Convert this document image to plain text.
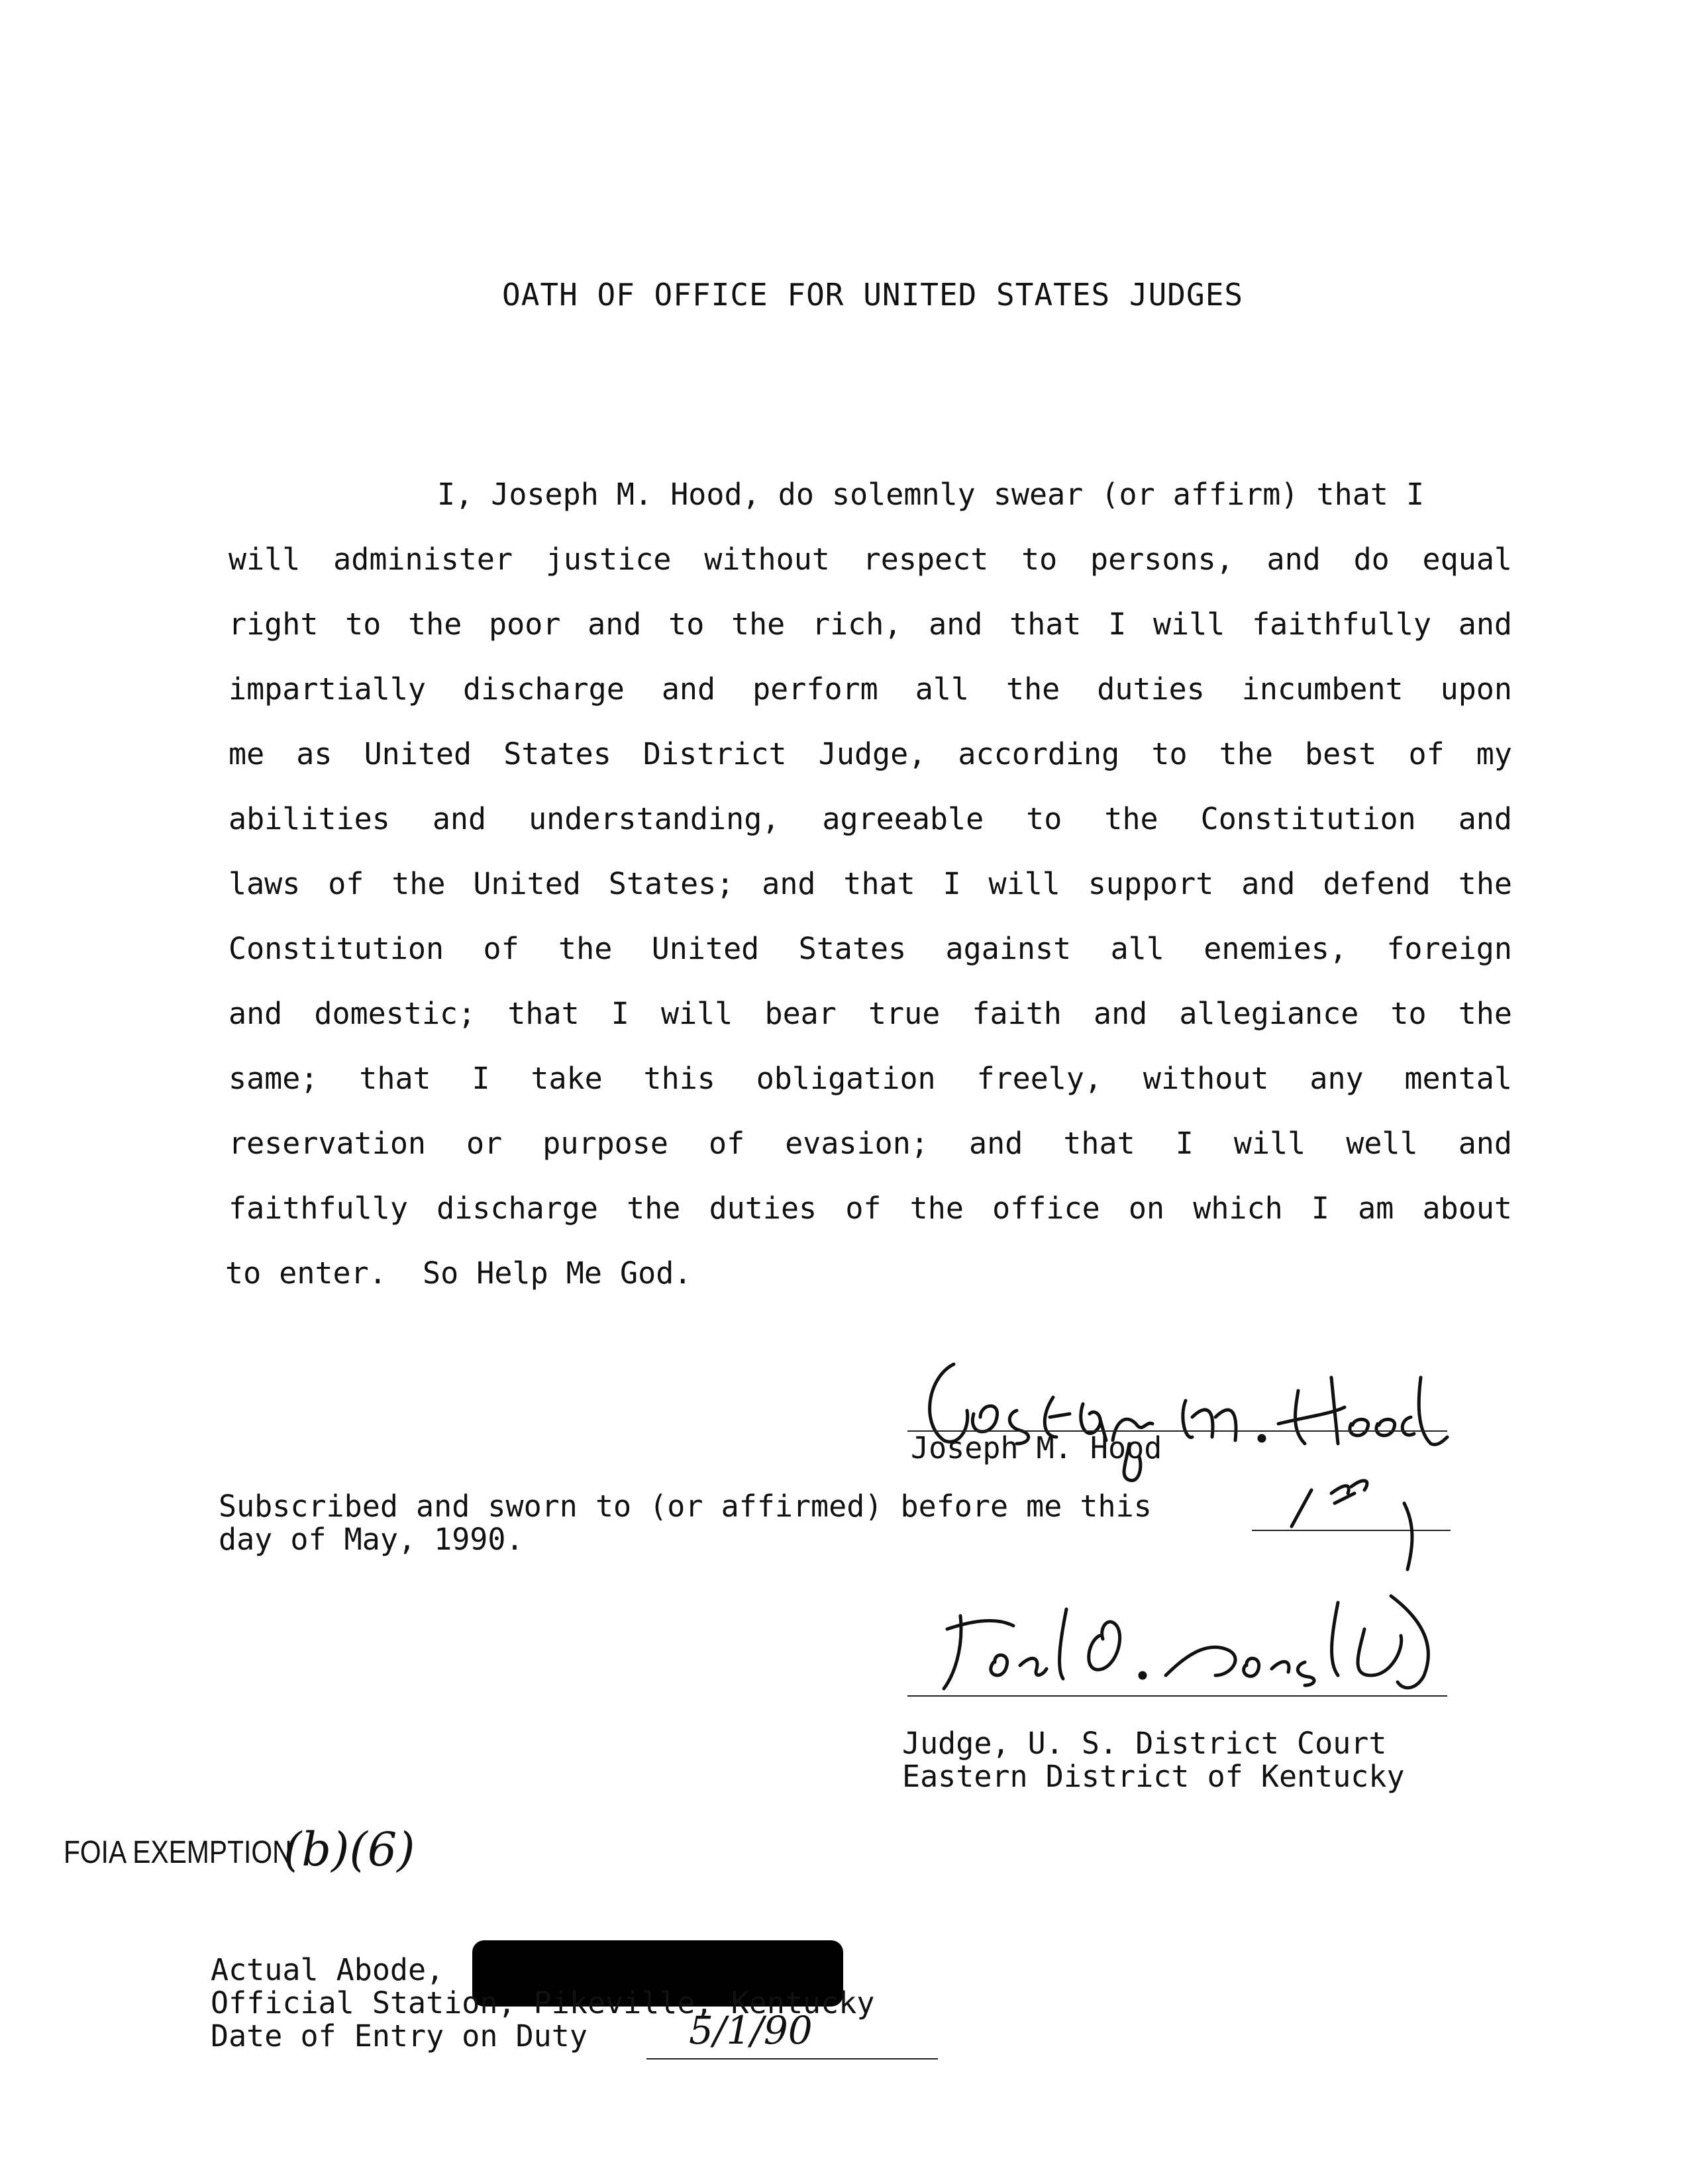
OATH OF OFFICE FOR UNITED STATES JUDGES
I, Joseph M. Hood, do solemnly swear (or affirm) that I
will administer justice without respect to persons, and do equal
right to the poor and to the rich, and that I will faithfully and
impartially discharge and perform all the duties incumbent upon
me as United States District Judge, according to the best of my
abilities and understanding, agreeable to the Constitution and
laws of the United States; and that I will support and defend the
Constitution of the United States against all enemies, foreign
and domestic; that I will bear true faith and allegiance to the
same; that I take this obligation freely, without any mental
reservation or purpose of evasion; and that I will well and
faithfully discharge the duties of the office on which I am about
to enter.  So Help Me God.
Joseph M. Hood
Subscribed and sworn to (or affirmed) before me this
day of May, 1990.
Judge, U. S. District Court
Eastern District of Kentucky
FOIA EXEMPTION
(b)(6)
Actual Abode,
Official Station, Pikeville, Kentucky
Date of Entry on Duty	5/1/90
